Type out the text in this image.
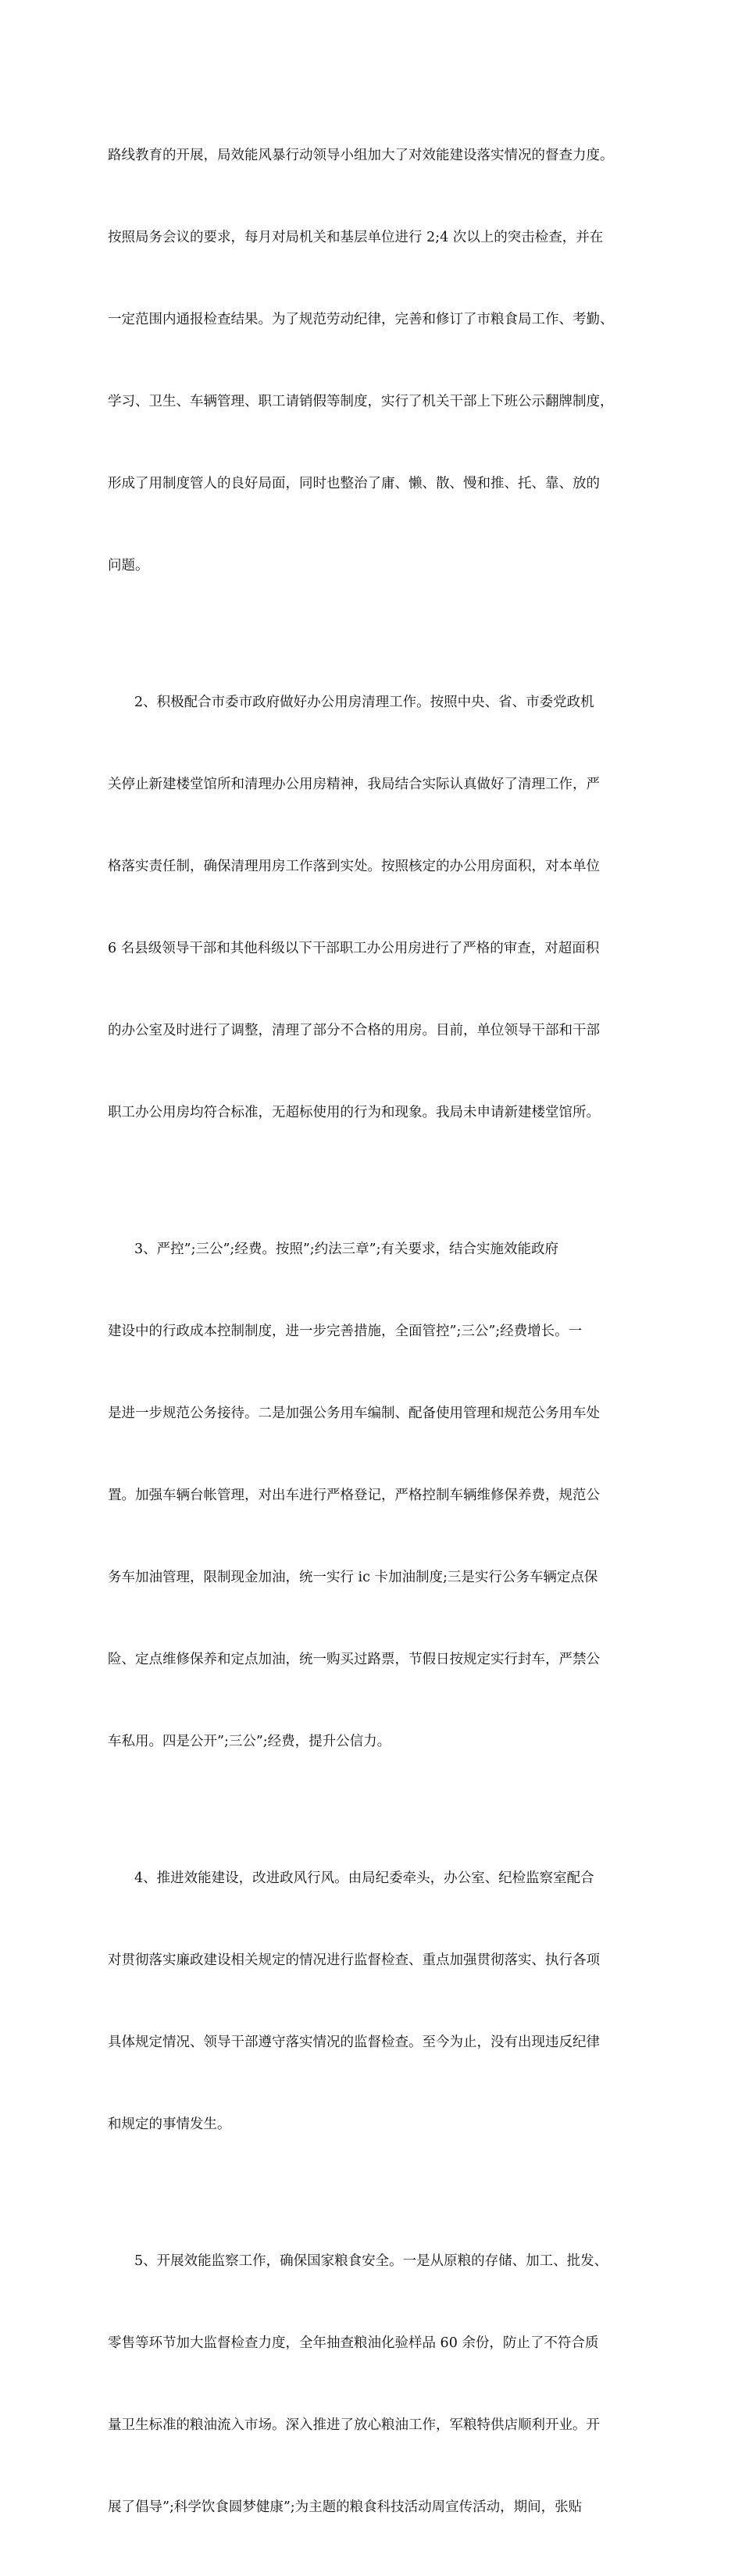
路线教育的开展，局效能风暴行动领导小组加大了对效能建设落实情况的督查力度。

按照局务会议的要求，每月对局机关和基层单位进行 2;4 次以上的突击检查，并在

一定范围内通报检查结果。为了规范劳动纪律，完善和修订了市粮食局工作、考勤、

学习、卫生、车辆管理、职工请销假等制度，实行了机关干部上下班公示翻牌制度，

形成了用制度管人的良好局面，同时也整治了庸、懒、散、慢和推、托、靠、放的

问题。

2、积极配合市委市政府做好办公用房清理工作。按照中央、省、市委党政机

关停止新建楼堂馆所和清理办公用房精神，我局结合实际认真做好了清理工作，严

格落实责任制，确保清理用房工作落到实处。按照核定的办公用房面积，对本单位

6 名县级领导干部和其他科级以下干部职工办公用房进行了严格的审查，对超面积

的办公室及时进行了调整，清理了部分不合格的用房。目前，单位领导干部和干部

职工办公用房均符合标准，无超标使用的行为和现象。我局未申请新建楼堂馆所。

3、严控”;三公”;经费。按照”;约法三章”;有关要求，结合实施效能政府

建设中的行政成本控制制度，进一步完善措施，全面管控”;三公”;经费增长。一

是进一步规范公务接待。二是加强公务用车编制、配备使用管理和规范公务用车处

置。加强车辆台帐管理，对出车进行严格登记，严格控制车辆维修保养费，规范公

务车加油管理，限制现金加油，统一实行 ic 卡加油制度;三是实行公务车辆定点保

险、定点维修保养和定点加油，统一购买过路票，节假日按规定实行封车，严禁公

车私用。四是公开”;三公”;经费，提升公信力。

4、推进效能建设，改进政风行风。由局纪委牵头，办公室、纪检监察室配合

对贯彻落实廉政建设相关规定的情况进行监督检查、重点加强贯彻落实、执行各项

具体规定情况、领导干部遵守落实情况的监督检查。至今为止，没有出现违反纪律

和规定的事情发生。

5、开展效能监察工作，确保国家粮食安全。一是从原粮的存储、加工、批发、

零售等环节加大监督检查力度，全年抽查粮油化验样品 60 余份，防止了不符合质

量卫生标准的粮油流入市场。深入推进了放心粮油工作，军粮特供店顺利开业。开

展了倡导”;科学饮食圆梦健康”;为主题的粮食科技活动周宣传活动，期间，张贴
